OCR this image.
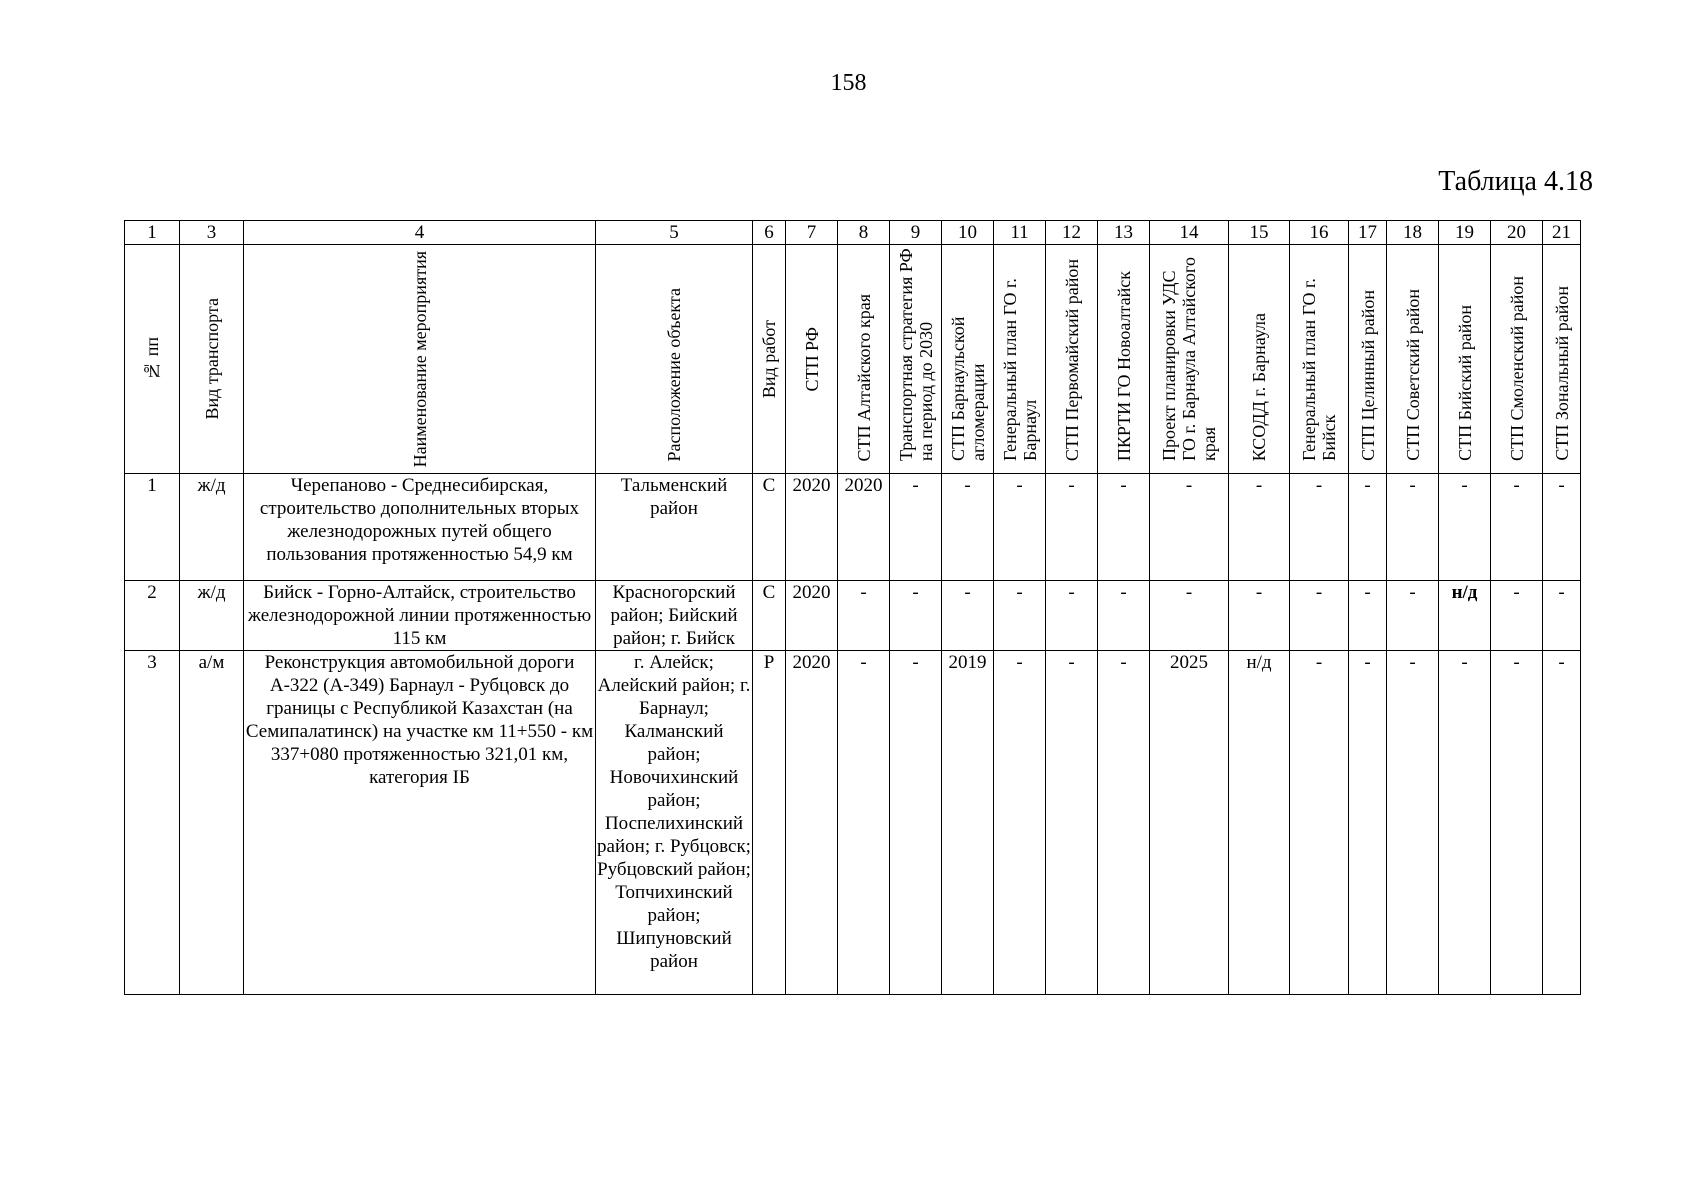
158
Таблица 4.18
1	3	4	5	6	7	8	9	10	11	12	13	14	15	16	17	18	19	20	21

№ пп	Вид транспорта	Наименование мероприятия	Расположение объекта	Вид работ	СТП РФ	СТП Алтайского края	Транспортная стратегия РФ на период до 2030	СТП Барнаульской агломерации	Генеральный план ГО г. Барнаул	СТП Первомайский район	ПКРТИ ГО Новоалтайск	Проект планировки УДС ГО г. Барнаула Алтайского края	КСОДД г. Барнаула	Генеральный план ГО г. Бийск	СТП Целинный район	СТП Советский район	СТП Бийский район	СТП Смоленский район	СТП Зональный район

1	ж/д	Черепаново - Среднесибирская, строительство дополнительных вторых железнодорожных путей общего пользования протяженностью 54,9 км	Тальменский район	С	2020	2020	-	-	-	-	-	-	-	-	-	-	-	-	-
2	ж/д	Бийск - Горно-Алтайск, строительство железнодорожной линии протяженностью 115 км	Красногорский район; Бийский район; г. Бийск	С	2020	-	-	-	-	-	-	-	-	-	-	-	н/д	-	-
3	а/м	Реконструкция автомобильной дороги А-322 (А-349) Барнаул - Рубцовск до границы с Республикой Казахстан (на Семипалатинск) на участке км 11+550 - км 337+080 протяженностью 321,01 км, категория IБ	г. Алейск; Алейский район; г. Барнаул; Калманский район; Новочихинский район; Поспелихинский район; г. Рубцовск; Рубцовский район; Топчихинский район; Шипуновский район	Р	2020	-	-	2019	-	-	-	2025	н/д	-	-	-	-	-	-
